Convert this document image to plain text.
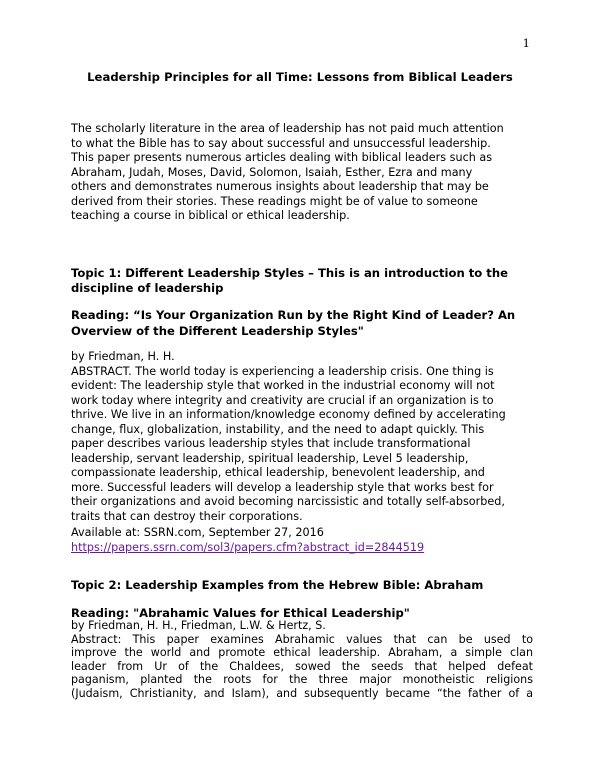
1
Leadership Principles for all Time: Lessons from Biblical Leaders

The scholarly literature in the area of leadership has not paid much attention

to what the Bible has to say about successful and unsuccessful leadership.

This paper presents numerous articles dealing with biblical leaders such as

Abraham, Judah, Moses, David, Solomon, Isaiah, Esther, Ezra and many

others and demonstrates numerous insights about leadership that may be

derived from their stories. These readings might be of value to someone

teaching a course in biblical or ethical leadership.

Topic 1: Different Leadership Styles – This is an introduction to the
discipline of leadership
Reading: “Is Your Organization Run by the Right Kind of Leader? An
Overview of the Different Leadership Styles"

by Friedman, H. H.

ABSTRACT. The world today is experiencing a leadership crisis. One thing is

evident: The leadership style that worked in the industrial economy will not

work today where integrity and creativity are crucial if an organization is to

thrive. We live in an information/knowledge economy defined by accelerating

change, flux, globalization, instability, and the need to adapt quickly. This

paper describes various leadership styles that include transformational

leadership, servant leadership, spiritual leadership, Level 5 leadership,

compassionate leadership, ethical leadership, benevolent leadership, and

more. Successful leaders will develop a leadership style that works best for

their organizations and avoid becoming narcissistic and totally self-absorbed,

traits that can destroy their corporations.

Available at: SSRN.com, September 27, 2016

https://papers.ssrn.com/sol3/papers.cfm?abstract_id=2844519

Topic 2: Leadership Examples from the Hebrew Bible: Abraham
Reading: "Abrahamic Values for Ethical Leadership"
by Friedman, H. H., Friedman, L.W. & Hertz, S.

Abstract: This paper examines Abrahamic values that can be used to

improve the world and promote ethical leadership. Abraham, a simple clan

leader from Ur of the Chaldees, sowed the seeds that helped defeat

paganism, planted the roots for the three major monotheistic religions

(Judaism, Christianity, and Islam), and subsequently became “the father of a
